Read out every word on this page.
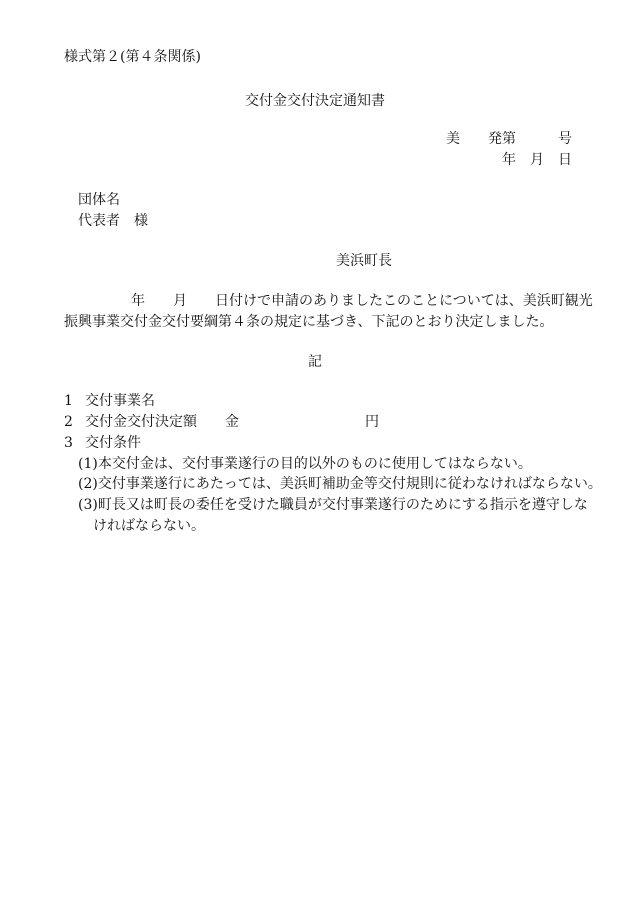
様式第２(第４条関係)
交付金交付決定通知書
美　　発第　　　号
年　月　日
団体名
代表者　様
美浜町長
年　　月　　日付けで申請のありましたこのことについては、美浜町観光
振興事業交付金交付要綱第４条の規定に基づき、下記のとおり決定しました。
記
1 交付事業名
2 交付金交付決定額　　金　　　　　　　　　円
3 交付条件
(1)本交付金は、交付事業遂行の目的以外のものに使用してはならない。
(2)交付事業遂行にあたっては、美浜町補助金等交付規則に従わなければならない。
(3)町長又は町長の委任を受けた職員が交付事業遂行のためにする指示を遵守しな
ければならない。
